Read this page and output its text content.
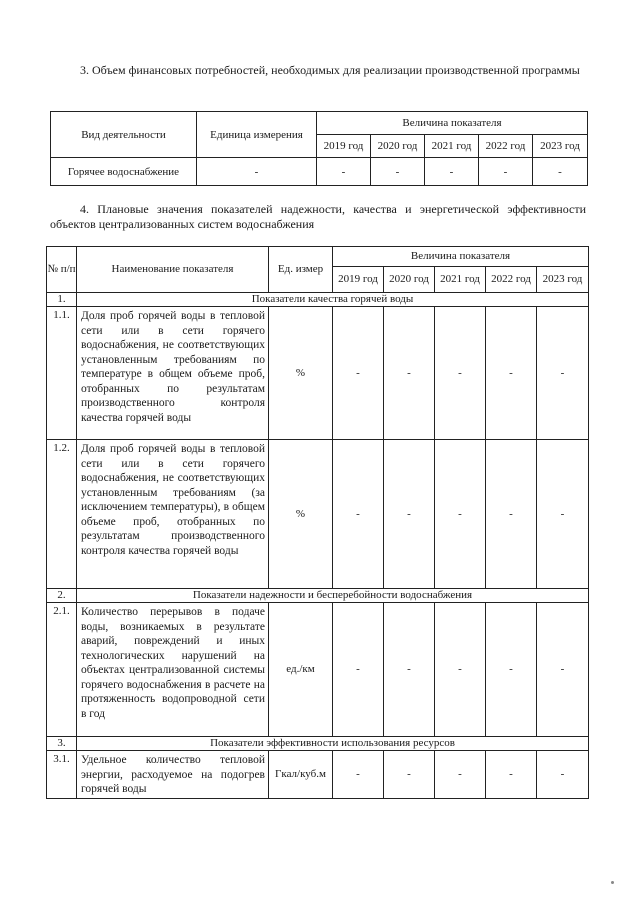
3. Объем финансовых потребностей, необходимых для реализации производственной программы
Вид деятельности	Единица измерения	Величина показателя				
		2019 год	2020 год	2021 год	2022 год	2023 год
Горячее водоснабжение	-	-	-	-	-	-
4. Плановые значения показателей надежности, качества и энергетической эффективности объектов централизованных систем водоснабжения
№ п/п	Наименование показателя	Ед. измер	Величина показателя				
			2019 год	2020 год	2021 год	2022 год	2023 год
1.	Показатели качества горячей воды						
1.1.	Доля проб горячей воды в тепловой сети или в сети горячего водоснабжения, не соответствующих установленным требованиям по температуре в общем объеме проб, отобранных по результатам производственного контроля качества горячей воды	%	-	-	-	-	-
1.2.	Доля проб горячей воды в тепловой сети или в сети горячего водоснабжения, не соответствующих установленным требованиям (за исключением температуры), в общем объеме проб, отобранных по результатам производственного контроля качества горячей воды	%	-	-	-	-	-
2.	Показатели надежности и бесперебойности водоснабжения						
2.1.	Количество перерывов в подаче воды, возникаемых в результате аварий, повреждений и иных технологических нарушений на объектах централизованной системы горячего водоснабжения в расчете на протяженность водопроводной сети в год	ед./км	-	-	-	-	-
3.	Показатели эффективности использования ресурсов						
3.1.	Удельное количество тепловой энергии, расходуемое на подогрев горячей воды	Гкал/куб.м	-	-	-	-	-
